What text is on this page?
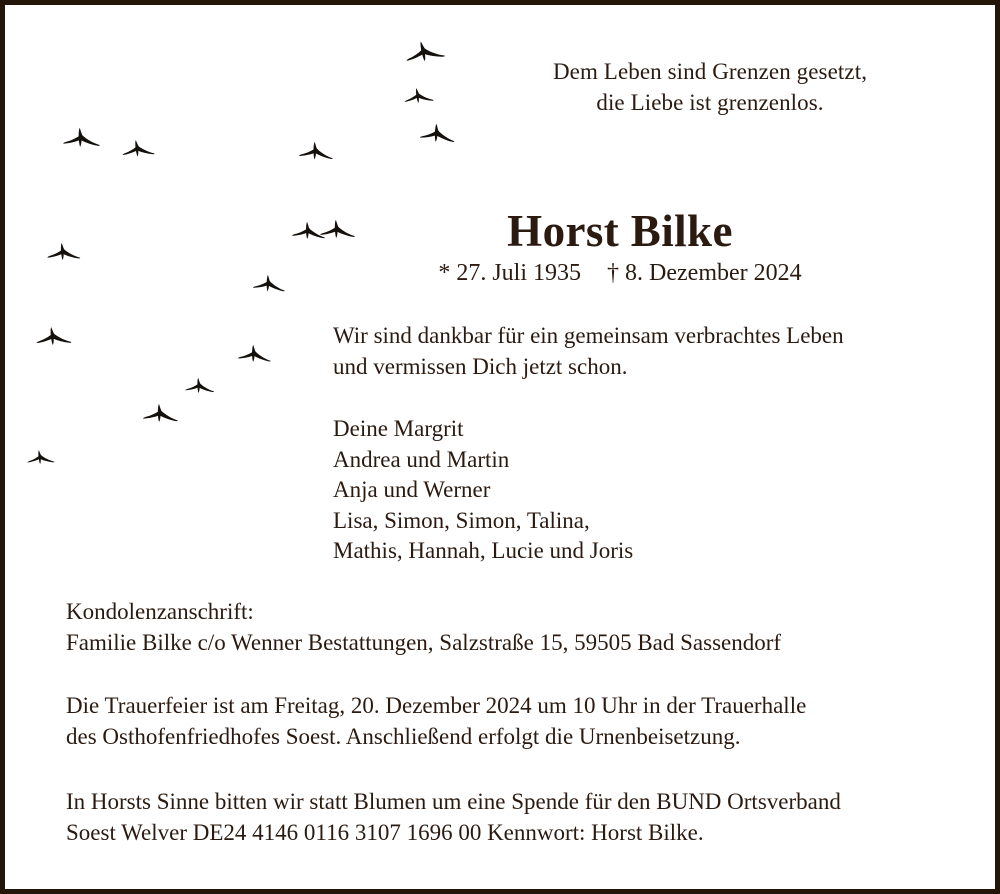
Dem Leben sind Grenzen gesetzt,
die Liebe ist grenzenlos.
Horst Bilke
* 27. Juli 1935 † 8. Dezember 2024
Wir sind dankbar für ein gemeinsam verbrachtes Leben
und vermissen Dich jetzt schon.
Deine Margrit
Andrea und Martin
Anja und Werner
Lisa, Simon, Simon, Talina,
Mathis, Hannah, Lucie und Joris
Kondolenzanschrift:
Familie Bilke c/o Wenner Bestattungen, Salzstraße 15, 59505 Bad Sassendorf
Die Trauerfeier ist am Freitag, 20. Dezember 2024 um 10 Uhr in der Trauerhalle
des Osthofenfriedhofes Soest. Anschließend erfolgt die Urnenbeisetzung.
In Horsts Sinne bitten wir statt Blumen um eine Spende für den BUND Ortsverband
Soest Welver DE24 4146 0116 3107 1696 00 Kennwort: Horst Bilke.
